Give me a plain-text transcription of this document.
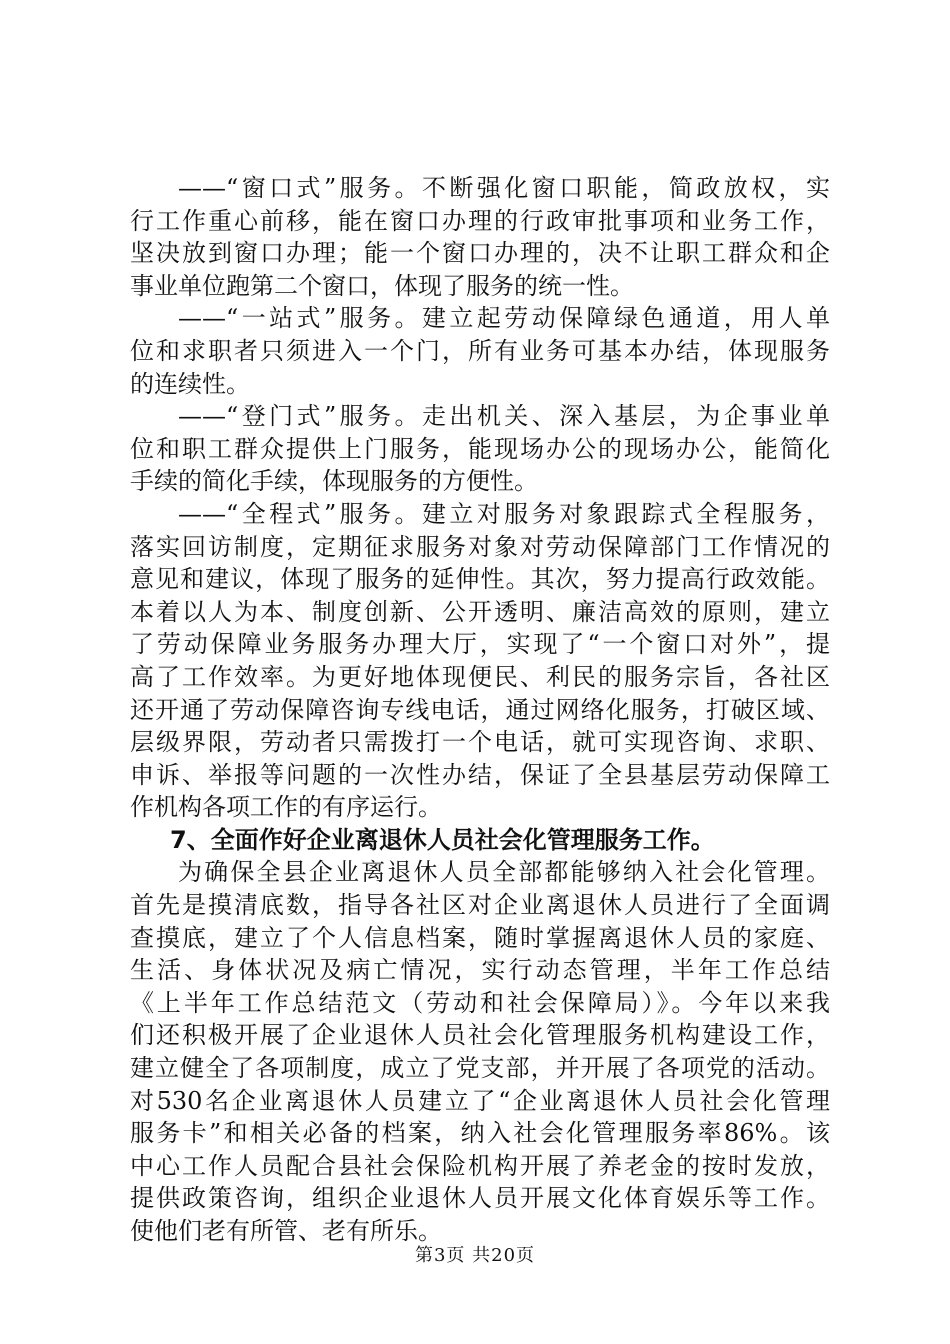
——“窗口式”服务。不断强化窗口职能，简政放权，实
行工作重心前移，能在窗口办理的行政审批事项和业务工作，
坚决放到窗口办理；能一个窗口办理的，决不让职工群众和企
事业单位跑第二个窗口，体现了服务的统一性。
——“一站式”服务。建立起劳动保障绿色通道，用人单
位和求职者只须进入一个门，所有业务可基本办结，体现服务
的连续性。
——“登门式”服务。走出机关、深入基层，为企事业单
位和职工群众提供上门服务，能现场办公的现场办公，能简化
手续的简化手续，体现服务的方便性。
——“全程式”服务。建立对服务对象跟踪式全程服务，
落实回访制度，定期征求服务对象对劳动保障部门工作情况的
意见和建议，体现了服务的延伸性。其次，努力提高行政效能。
本着以人为本、制度创新、公开透明、廉洁高效的原则，建立
了劳动保障业务服务办理大厅，实现了“一个窗口对外”，提
高了工作效率。为更好地体现便民、利民的服务宗旨，各社区
还开通了劳动保障咨询专线电话，通过网络化服务，打破区域、
层级界限，劳动者只需拨打一个电话，就可实现咨询、求职、
申诉、举报等问题的一次性办结，保证了全县基层劳动保障工
作机构各项工作的有序运行。
7、全面作好企业离退休人员社会化管理服务工作。
为确保全县企业离退休人员全部都能够纳入社会化管理。
首先是摸清底数，指导各社区对企业离退休人员进行了全面调
查摸底，建立了个人信息档案，随时掌握离退休人员的家庭、
生活、身体状况及病亡情况，实行动态管理，半年工作总结
《上半年工作总结范文（劳动和社会保障局）》。今年以来我
们还积极开展了企业退休人员社会化管理服务机构建设工作，
建立健全了各项制度，成立了党支部，并开展了各项党的活动。
对530名企业离退休人员建立了“企业离退休人员社会化管理
服务卡”和相关必备的档案，纳入社会化管理服务率86%。该
中心工作人员配合县社会保险机构开展了养老金的按时发放，
提供政策咨询，组织企业退休人员开展文化体育娱乐等工作。
使他们老有所管、老有所乐。
第3页 共20页
